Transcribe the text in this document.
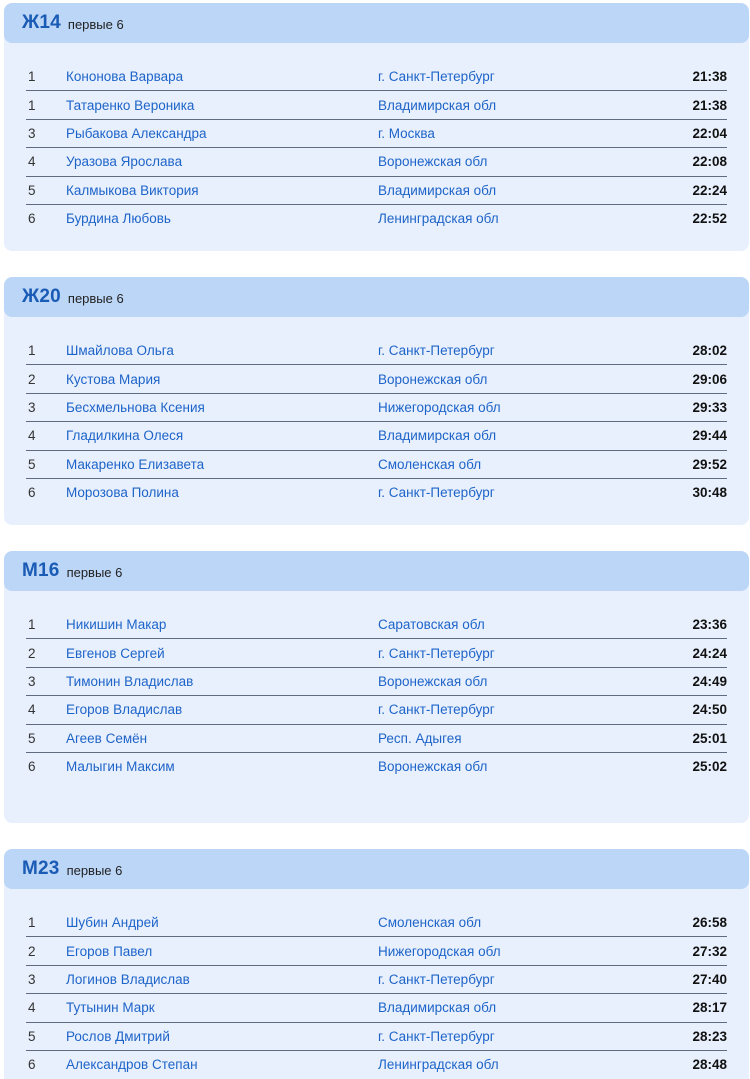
Ж14 первые 6
1	Кононова Варвара	г. Санкт-Петербург	21:38
1	Татаренко Вероника	Владимирская обл	21:38
3	Рыбакова Александра	г. Москва	22:04
4	Уразова Ярослава	Воронежская обл	22:08
5	Калмыкова Виктория	Владимирская обл	22:24
6	Бурдина Любовь	Ленинградская обл	22:52
Ж20 первые 6
1	Шмайлова Ольга	г. Санкт-Петербург	28:02
2	Кустова Мария	Воронежская обл	29:06
3	Бесхмельнова Ксения	Нижегородская обл	29:33
4	Гладилкина Олеся	Владимирская обл	29:44
5	Макаренко Елизавета	Смоленская обл	29:52
6	Морозова Полина	г. Санкт-Петербург	30:48
М16 первые 6
1	Никишин Макар	Саратовская обл	23:36
2	Евгенов Сергей	г. Санкт-Петербург	24:24
3	Тимонин Владислав	Воронежская обл	24:49
4	Егоров Владислав	г. Санкт-Петербург	24:50
5	Агеев Семён	Респ. Адыгея	25:01
6	Малыгин Максим	Воронежская обл	25:02
М23 первые 6
1	Шубин Андрей	Смоленская обл	26:58
2	Егоров Павел	Нижегородская обл	27:32
3	Логинов Владислав	г. Санкт-Петербург	27:40
4	Тутынин Марк	Владимирская обл	28:17
5	Рослов Дмитрий	г. Санкт-Петербург	28:23
6	Александров Степан	Ленинградская обл	28:48
